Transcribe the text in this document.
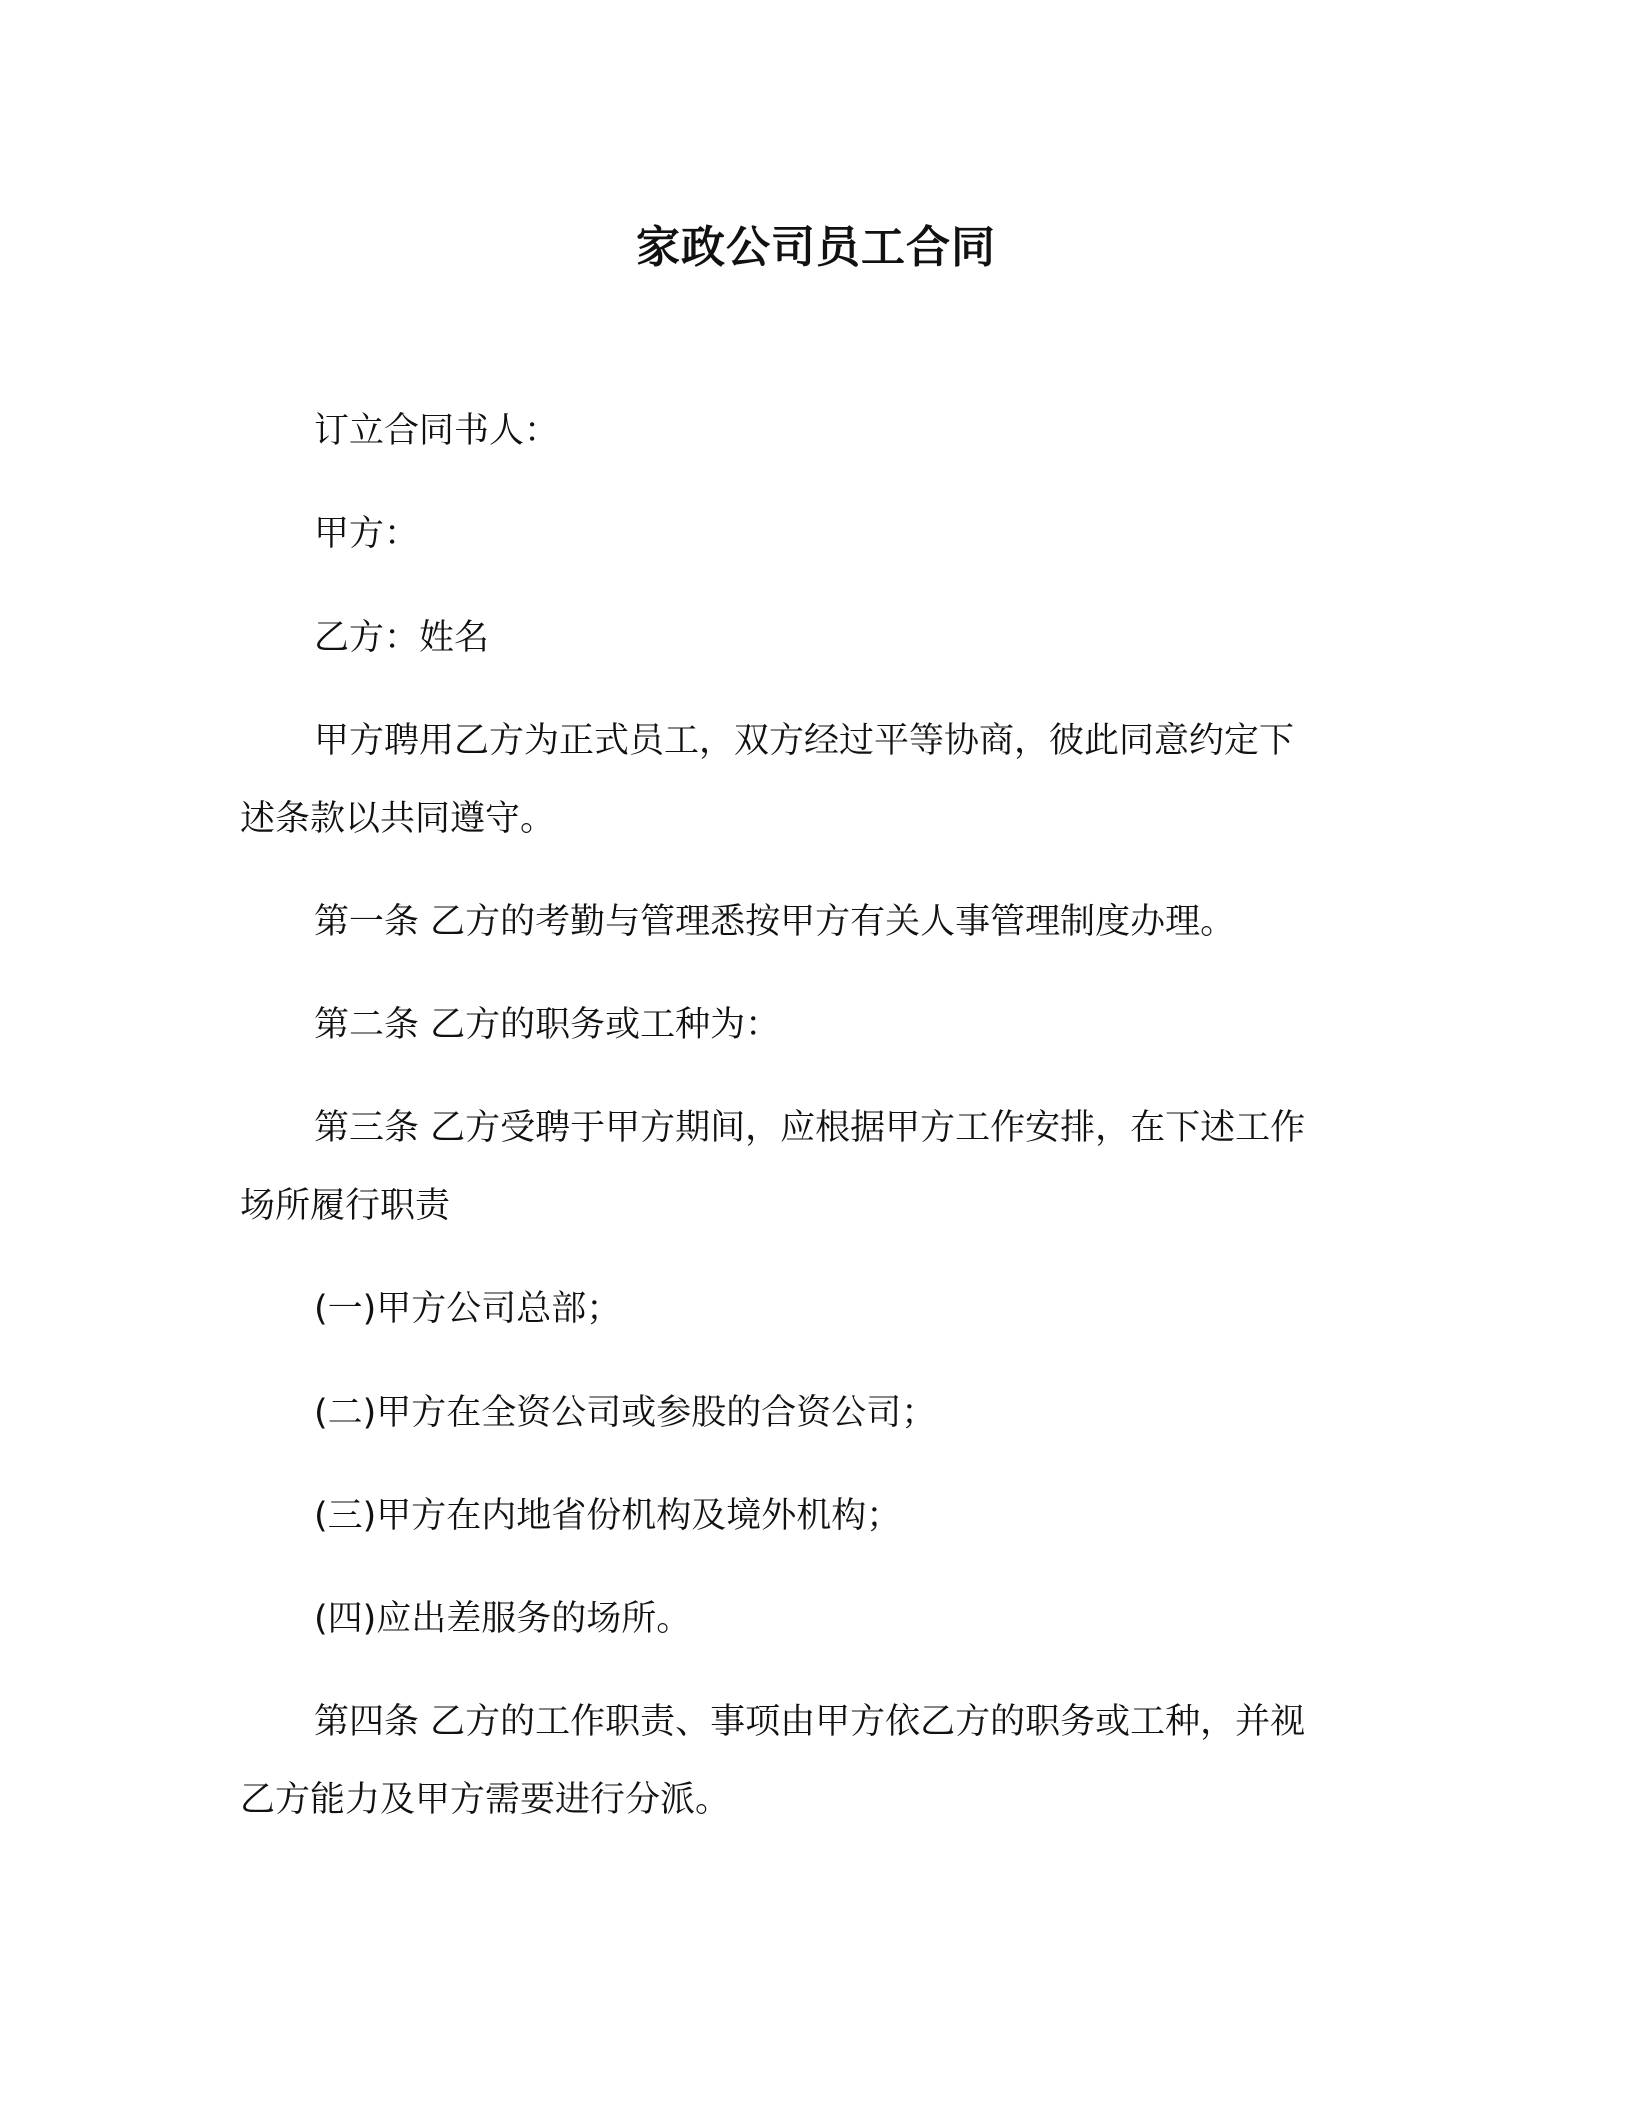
家政公司员工合同

订立合同书人：

甲方：

乙方：姓名

甲方聘用乙方为正式员工，双方经过平等协商，彼此同意约定下
述条款以共同遵守。

第一条 乙方的考勤与管理悉按甲方有关人事管理制度办理。

第二条 乙方的职务或工种为：

第三条 乙方受聘于甲方期间，应根据甲方工作安排，在下述工作
场所履行职责

(一)甲方公司总部；

(二)甲方在全资公司或参股的合资公司；

(三)甲方在内地省份机构及境外机构；

(四)应出差服务的场所。

第四条 乙方的工作职责、事项由甲方依乙方的职务或工种，并视
乙方能力及甲方需要进行分派。
